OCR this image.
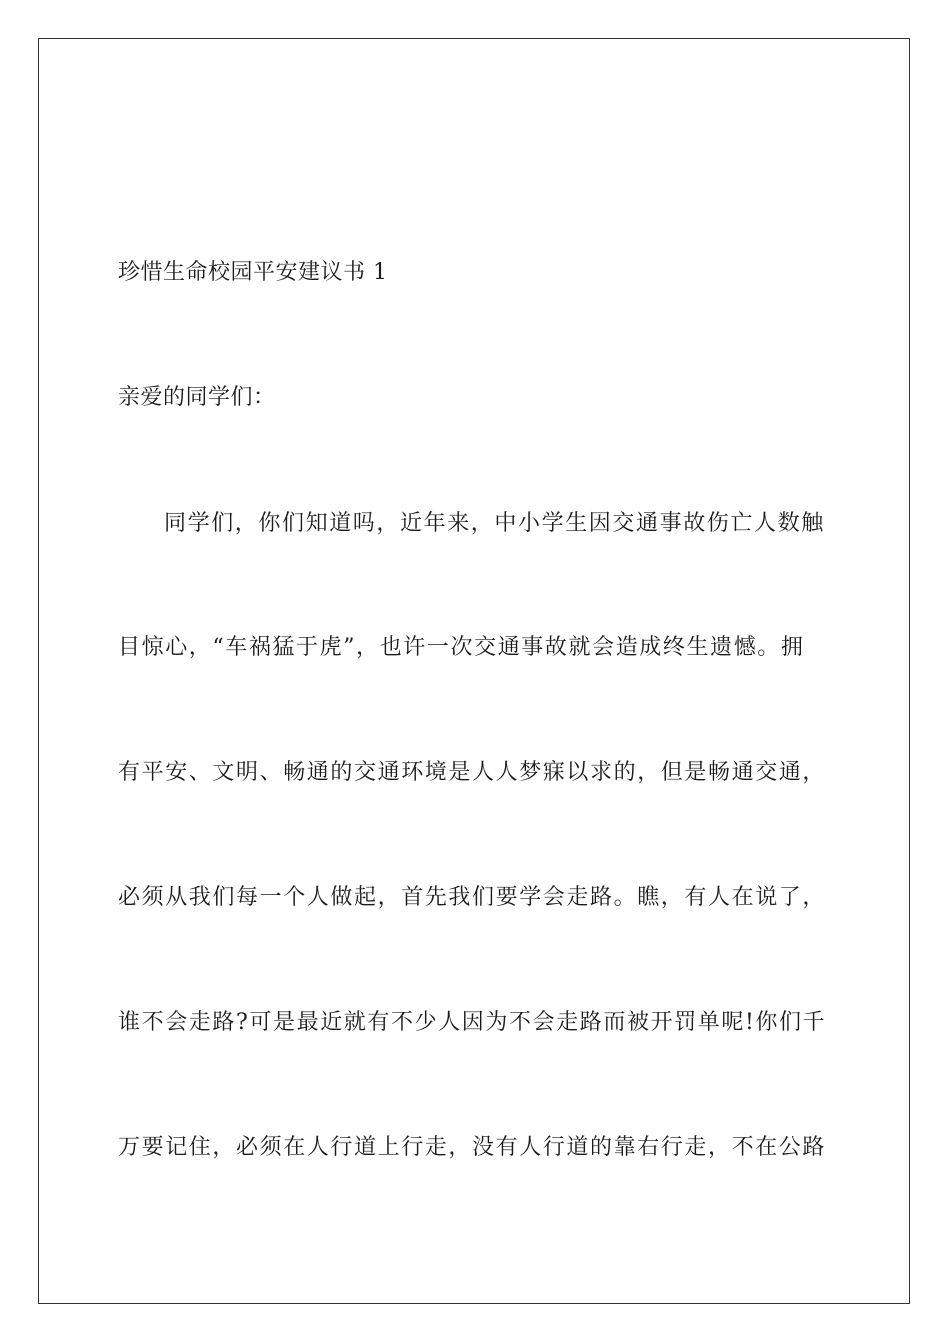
珍惜生命校园平安建议书 1
亲爱的同学们：
同学们，你们知道吗，近年来，中小学生因交通事故伤亡人数触
目惊心，“车祸猛于虎”，也许一次交通事故就会造成终生遗憾。拥
有平安、文明、畅通的交通环境是人人梦寐以求的，但是畅通交通，
必须从我们每一个人做起，首先我们要学会走路。瞧，有人在说了，
谁不会走路?可是最近就有不少人因为不会走路而被开罚单呢!你们千
万要记住，必须在人行道上行走，没有人行道的靠右行走，不在公路
